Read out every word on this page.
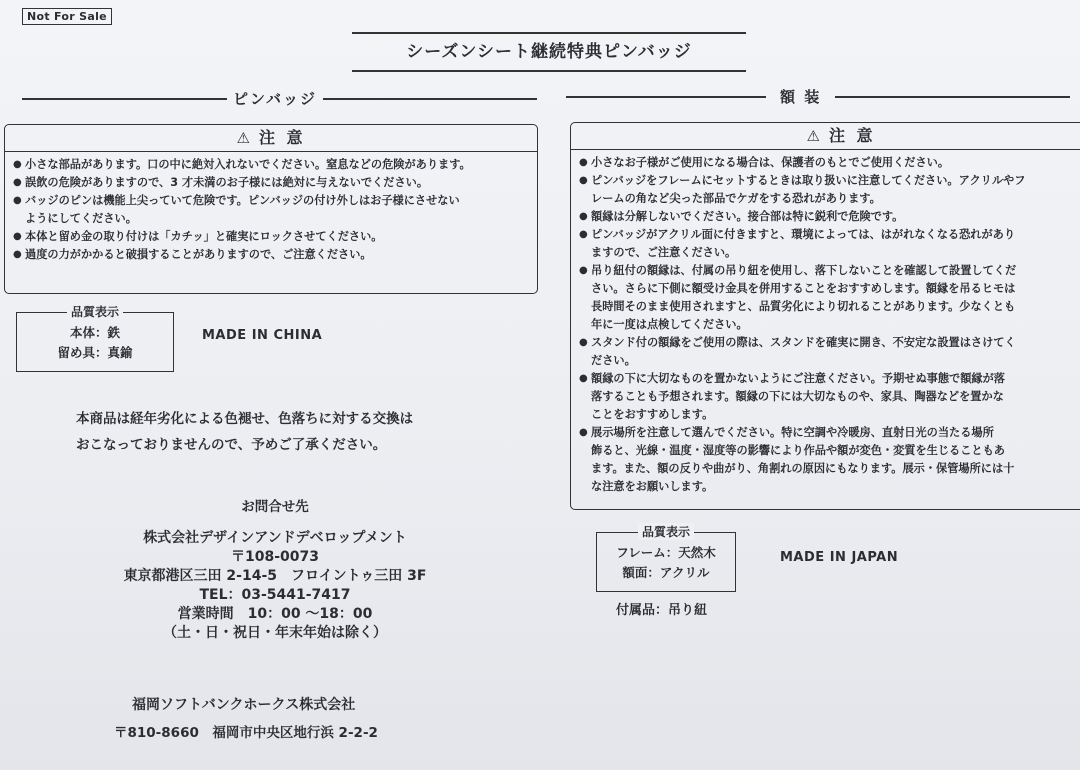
Not For Sale
シーズンシート継続特典ピンバッジ
ピンバッジ
⚠ 注 意
● 小さな部品があります。口の中に絶対入れないでください。窒息などの危険があります。
● 誤飲の危険がありますので、3 才未満のお子様には絶対に与えないでください。
● バッジのピンは機能上尖っていて危険です。ピンバッジの付け外しはお子様にさせない
ようにしてください。
● 本体と留め金の取り付けは「カチッ」と確実にロックさせてください。
● 過度の力がかかると破損することがありますので、ご注意ください。
品質表示
本体：鉄
留め具：真鍮
MADE IN CHINA
本商品は経年劣化による色褪せ、色落ちに対する交換は
おこなっておりませんので、予めご了承ください。
お問合せ先
株式会社デザインアンドデベロップメント
〒108-0073
東京都港区三田 2-14-5　フロイントゥ三田 3F
TEL：03-5441-7417
営業時間　10：00 ～18：00
（土・日・祝日・年末年始は除く）
福岡ソフトバンクホークス株式会社
〒810-8660　福岡市中央区地行浜 2-2-2
額 装
⚠ 注 意
● 小さなお子様がご使用になる場合は、保護者のもとでご使用ください。
● ピンバッジをフレームにセットするときは取り扱いに注意してください。アクリルやフ
レームの角など尖った部品でケガをする恐れがあります。
● 額縁は分解しないでください。接合部は特に鋭利で危険です。
● ピンバッジがアクリル面に付きますと、環境によっては、はがれなくなる恐れがあり
ますので、ご注意ください。
● 吊り紐付の額縁は、付属の吊り紐を使用し、落下しないことを確認して設置してくだ
さい。さらに下側に額受け金具を併用することをおすすめします。額縁を吊るヒモは
長時間そのまま使用されますと、品質劣化により切れることがあります。少なくとも
年に一度は点検してください。
● スタンド付の額縁をご使用の際は、スタンドを確実に開き、不安定な設置はさけてく
ださい。
● 額縁の下に大切なものを置かないようにご注意ください。予期せぬ事態で額縁が落
落することも予想されます。額縁の下には大切なものや、家具、陶器などを置かな
ことをおすすめします。
● 展示場所を注意して選んでください。特に空調や冷暖房、直射日光の当たる場所
飾ると、光線・温度・湿度等の影響により作品や額が変色・変質を生じることもあ
ます。また、額の反りや曲がり、角割れの原因にもなります。展示・保管場所には十
な注意をお願いします。
品質表示
フレーム：天然木
額面：アクリル
MADE IN JAPAN
付属品：吊り紐
